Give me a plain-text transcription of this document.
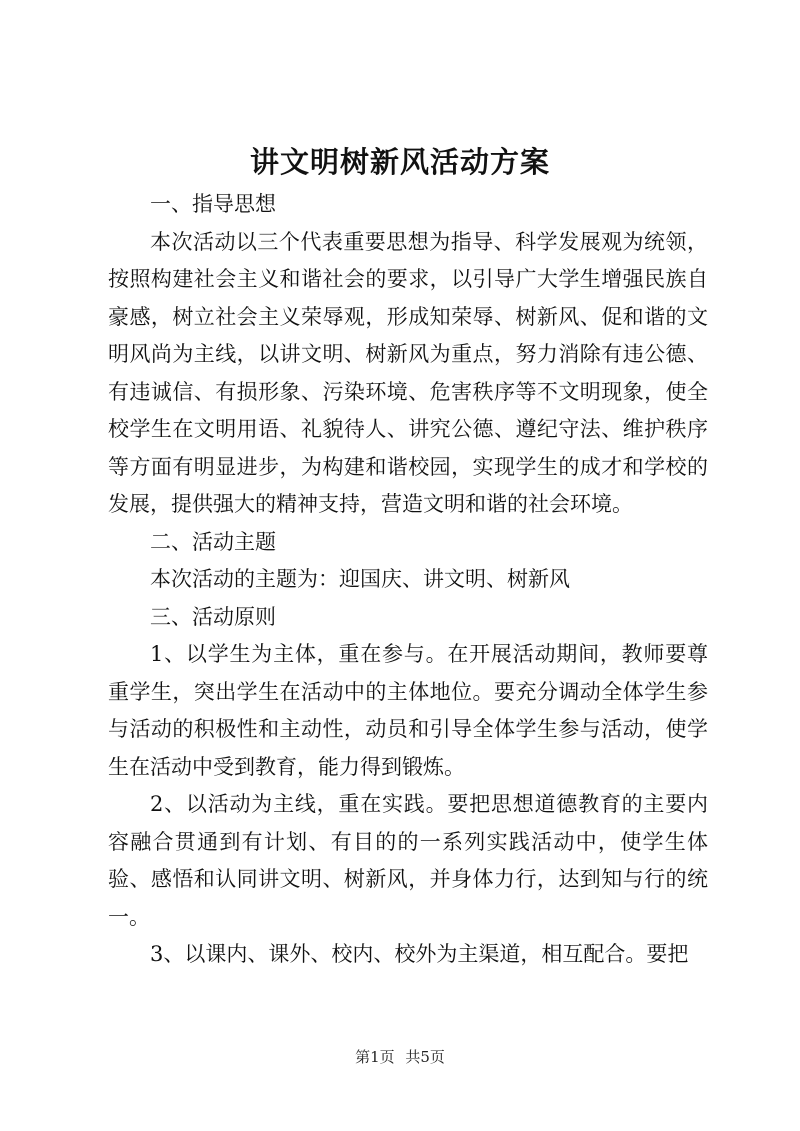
讲文明树新风活动方案

一、指导思想

本次活动以三个代表重要思想为指导、科学发展观为统领，按照构建社会主义和谐社会的要求，以引导广大学生增强民族自豪感，树立社会主义荣辱观，形成知荣辱、树新风、促和谐的文明风尚为主线，以讲文明、树新风为重点，努力消除有违公德、有违诚信、有损形象、污染环境、危害秩序等不文明现象，使全校学生在文明用语、礼貌待人、讲究公德、遵纪守法、维护秩序等方面有明显进步，为构建和谐校园，实现学生的成才和学校的发展，提供强大的精神支持，营造文明和谐的社会环境。

二、活动主题

本次活动的主题为：迎国庆、讲文明、树新风

三、活动原则

1、以学生为主体，重在参与。在开展活动期间，教师要尊重学生，突出学生在活动中的主体地位。要充分调动全体学生参与活动的积极性和主动性，动员和引导全体学生参与活动，使学生在活动中受到教育，能力得到锻炼。

2、以活动为主线，重在实践。要把思想道德教育的主要内容融合贯通到有计划、有目的的一系列实践活动中，使学生体验、感悟和认同讲文明、树新风，并身体力行，达到知与行的统一。

3、以课内、课外、校内、校外为主渠道，相互配合。要把

第1页 共5页
